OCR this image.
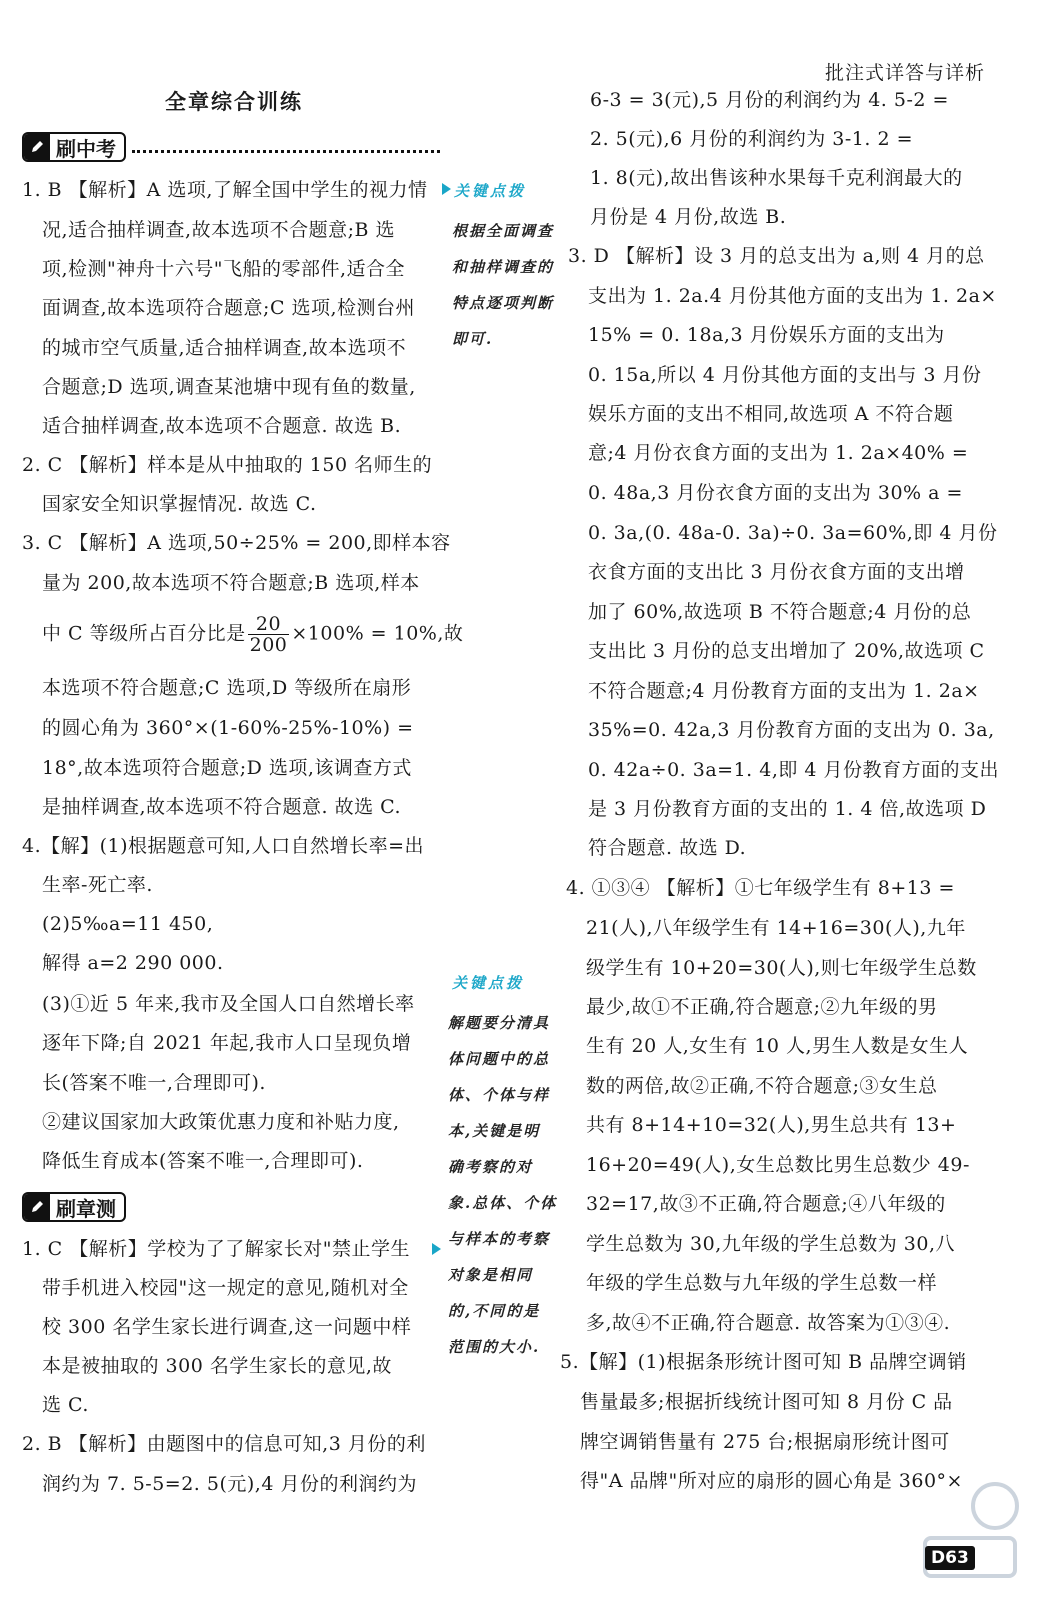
批注式详答与详析
全章综合训练
刷中考
1. B 【解析】A 选项,了解全国中学生的视力情
况,适合抽样调查,故本选项不合题意;B 选
项,检测"神舟十六号"飞船的零部件,适合全
面调查,故本选项符合题意;C 选项,检测台州
的城市空气质量,适合抽样调查,故本选项不
合题意;D 选项,调查某池塘中现有鱼的数量,
适合抽样调查,故本选项不合题意. 故选 B.
2. C 【解析】样本是从中抽取的 150 名师生的
国家安全知识掌握情况. 故选 C.
3. C 【解析】A 选项,50÷25% = 200,即样本容
量为 200,故本选项不符合题意;B 选项,样本
中 C 等级所占百分比是 $\frac{20}{200} \times 100\% = 10\%$,故
本选项不符合题意;C 选项,D 等级所在扇形
的圆心角为 360°×(1-60%-25%-10%) =
18°,故本选项符合题意;D 选项,该调查方式
是抽样调查,故本选项不符合题意. 故选 C.
4.【解】(1)根据题意可知,人口自然增长率=出
生率-死亡率.
(2)5‰a=11 450,
解得 a=2 290 000.
(3)①近 5 年来,我市及全国人口自然增长率
逐年下降;自 2021 年起,我市人口呈现负增
长(答案不唯一,合理即可).
②建议国家加大政策优惠力度和补贴力度,
降低生育成本(答案不唯一,合理即可).
刷章测
1. C 【解析】学校为了了解家长对"禁止学生
带手机进入校园"这一规定的意见,随机对全
校 300 名学生家长进行调查,这一问题中样
本是被抽取的 300 名学生家长的意见,故
选 C.
2. B 【解析】由题图中的信息可知,3 月份的利
润约为 7. 5-5=2. 5(元),4 月份的利润约为
关键点拨
根据全面调查
和抽样调查的
特点逐项判断
即可.
关键点拨
解题要分清具
体问题中的总
体、个体与样
本,关键是明
确考察的对
象.总体、个体
与样本的考察
对象是相同
的,不同的是
范围的大小.
6-3 = 3(元),5 月份的利润约为 4. 5-2 =
2. 5(元),6 月份的利润约为 3-1. 2 =
1. 8(元),故出售该种水果每千克利润最大的
月份是 4 月份,故选 B.
3. D 【解析】设 3 月的总支出为 a,则 4 月的总
支出为 1. 2a.4 月份其他方面的支出为 1. 2a×
15% = 0. 18a,3 月份娱乐方面的支出为
0. 15a,所以 4 月份其他方面的支出与 3 月份
娱乐方面的支出不相同,故选项 A 不符合题
意;4 月份衣食方面的支出为 1. 2a×40% =
0. 48a,3 月份衣食方面的支出为 30% a =
0. 3a,(0. 48a-0. 3a)÷0. 3a=60%,即 4 月份
衣食方面的支出比 3 月份衣食方面的支出增
加了 60%,故选项 B 不符合题意;4 月份的总
支出比 3 月份的总支出增加了 20%,故选项 C
不符合题意;4 月份教育方面的支出为 1. 2a×
35%=0. 42a,3 月份教育方面的支出为 0. 3a,
0. 42a÷0. 3a=1. 4,即 4 月份教育方面的支出
是 3 月份教育方面的支出的 1. 4 倍,故选项 D
符合题意. 故选 D.
4. ①③④ 【解析】①七年级学生有 8+13 =
21(人),八年级学生有 14+16=30(人),九年
级学生有 10+20=30(人),则七年级学生总数
最少,故①不正确,符合题意;②九年级的男
生有 20 人,女生有 10 人,男生人数是女生人
数的两倍,故②正确,不符合题意;③女生总
共有 8+14+10=32(人),男生总共有 13+
16+20=49(人),女生总数比男生总数少 49-
32=17,故③不正确,符合题意;④八年级的
学生总数为 30,九年级的学生总数为 30,八
年级的学生总数与九年级的学生总数一样
多,故④不正确,符合题意. 故答案为①③④.
5.【解】(1)根据条形统计图可知 B 品牌空调销
售量最多;根据折线统计图可知 8 月份 C 品
牌空调销售量有 275 台;根据扇形统计图可
得"A 品牌"所对应的扇形的圆心角是 360°×
D63
